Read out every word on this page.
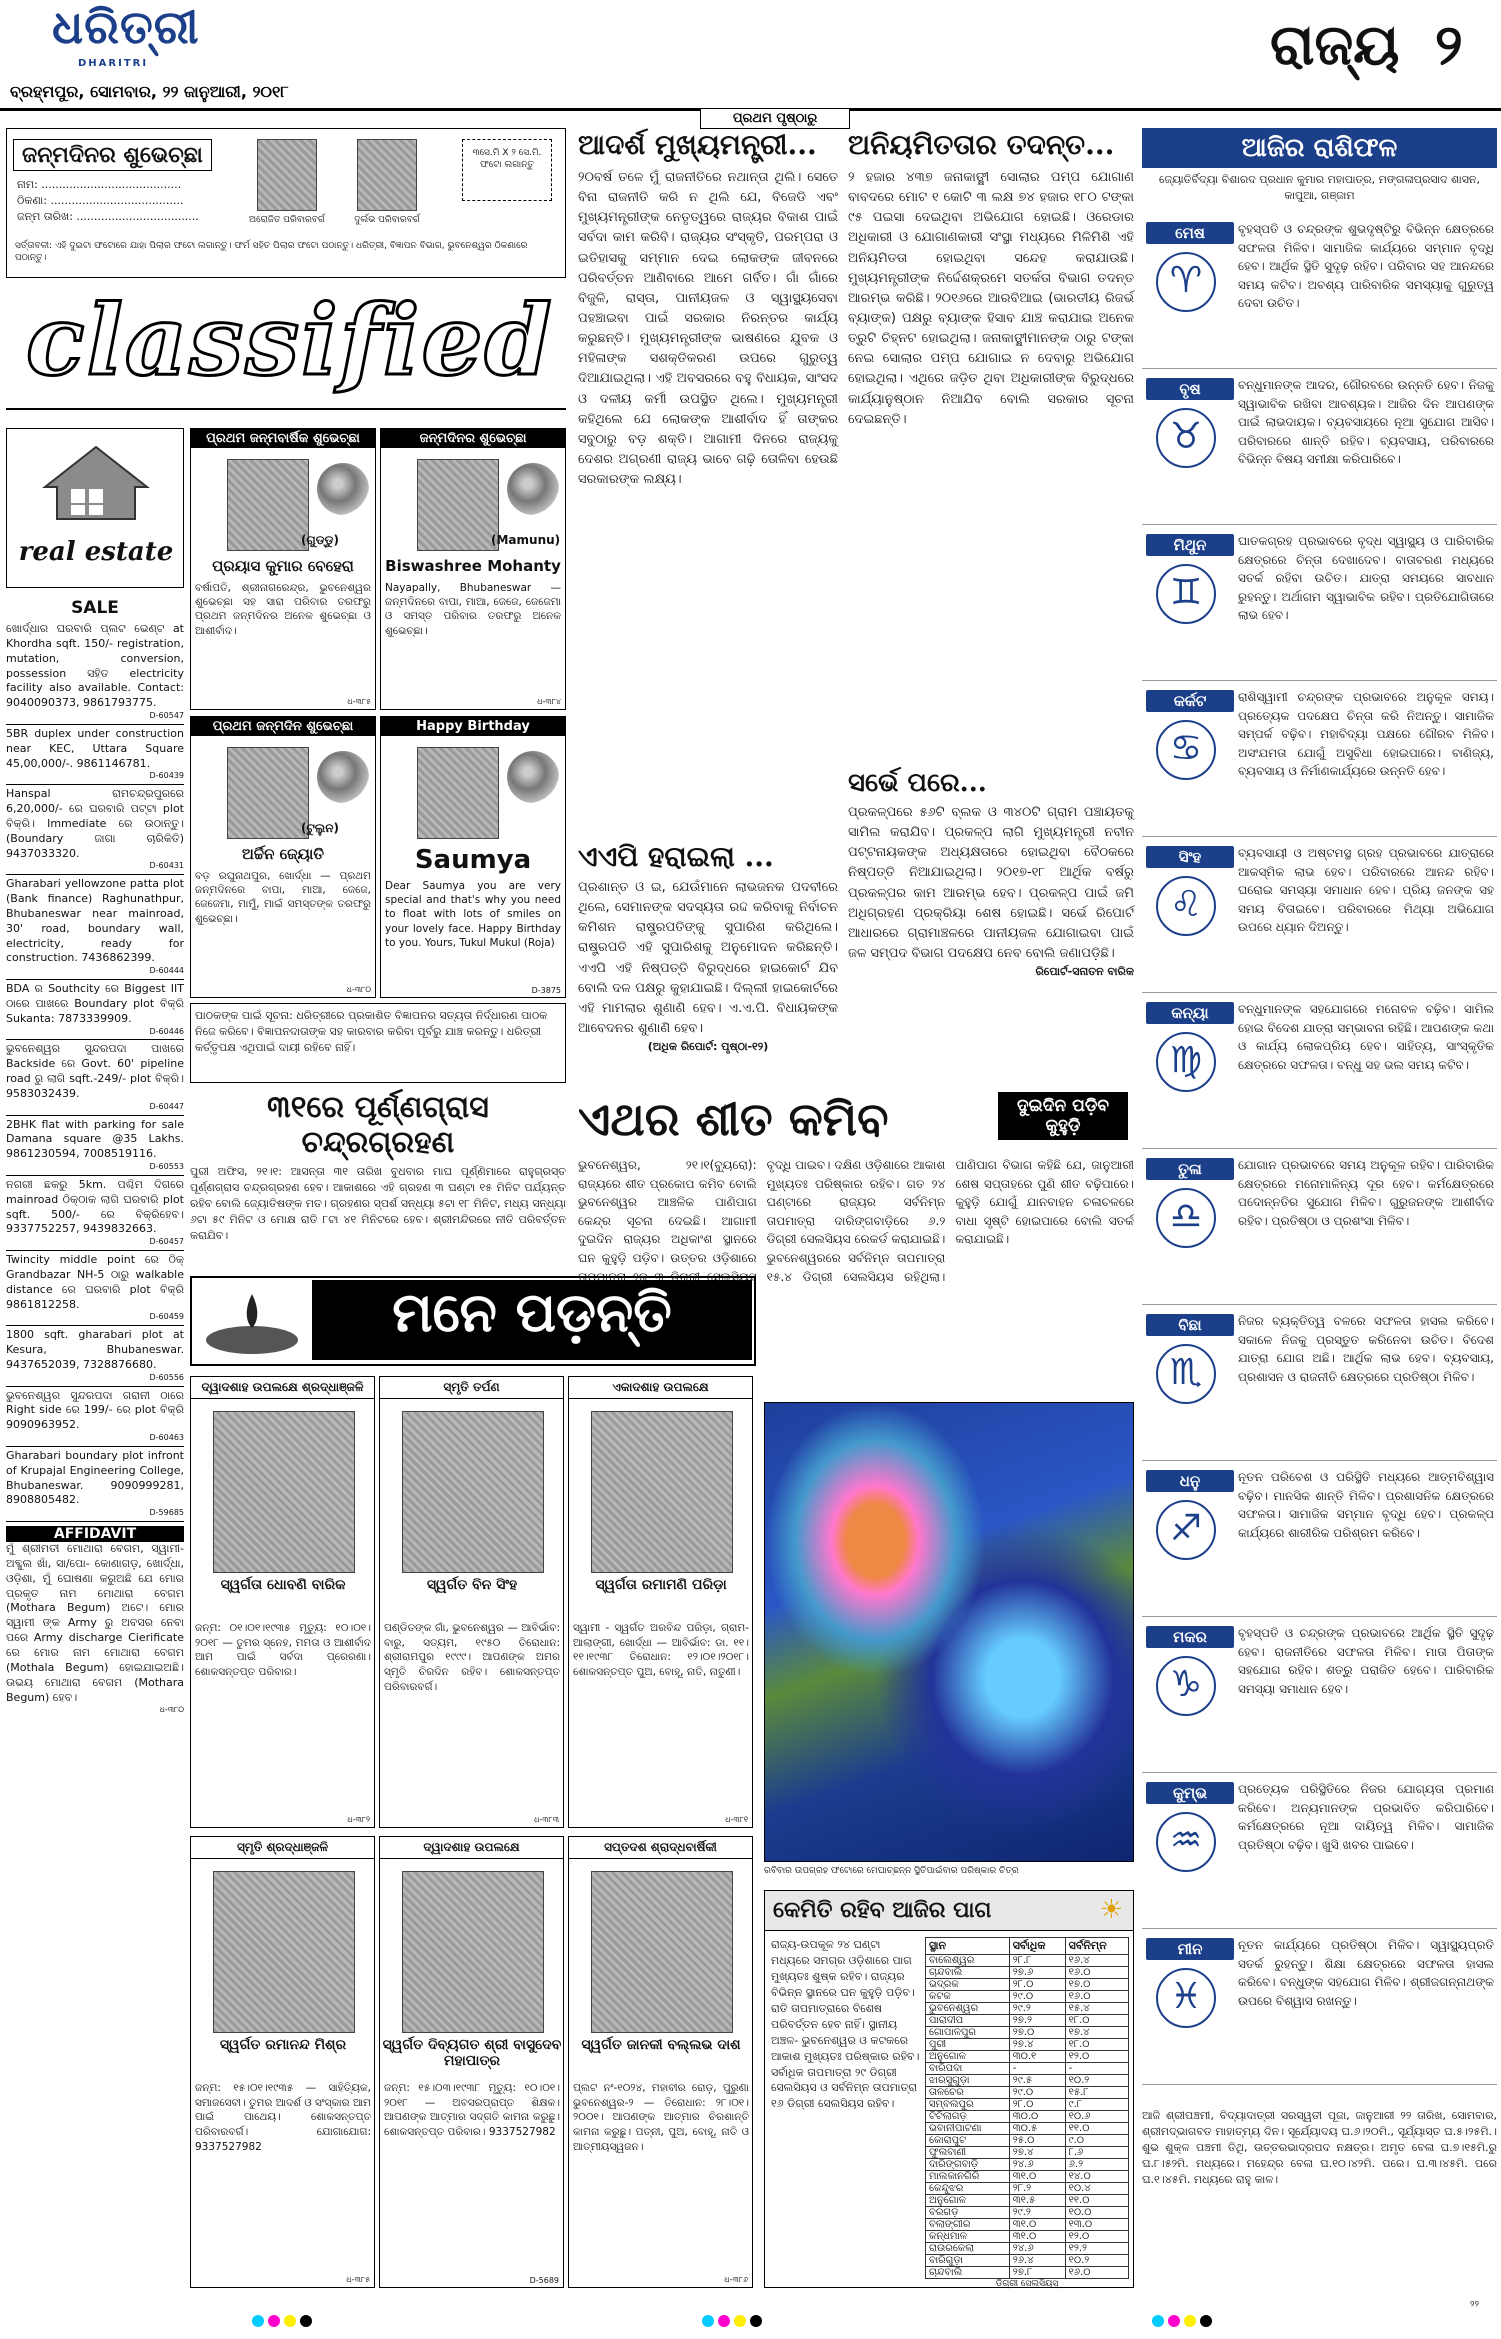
ଧରିତ୍ରୀ
DHARITRI
ବ୍ରହ୍ମପୁର, ସୋମବାର, ୨୨ ଜାନୁଆରୀ, ୨୦୧୮
ରାଜ୍ୟ ୨
ଜନ୍ମଦିନର ଶୁଭେଚ୍ଛା
ନାମ: ........................................
ଠିକଣା: ......................................
ଜନ୍ମ ତାରିଖ: ...................................	ଅରୋଜିତ ପରିବାରବର୍ଗ	ଦୁର୍ଲଭ ପରିବାରବର୍ଗ
୩ସେ.ମି X ୨ ସେ.ମି. ଫଟୋ ଲଗାନ୍ତୁ
ସର୍ତ୍ତାବଳୀ: ଏହି ଦୁଇଟା ଫଟୋରେ ଯାହା ପିଲାର ଫଟୋ ଲଗାନ୍ତୁ। ଫର୍ମ ସହିତ ପିଲାର ଫଟୋ ପଠାନ୍ତୁ। ଧରିତ୍ରୀ, ବିଜ୍ଞାପନ ବିଭାଗ, ଭୁବନେଶ୍ୱର ଠିକଣାରେ ପଠାନ୍ତୁ।
classified
real estate
SALE
ଖୋର୍ଦ୍ଧାର ଘରବାରି ପ୍ଲଟ ଭେଣ୍ଟ at Khordha sqft. 150/- registration, mutation, conversion, possession ସହିତ electricity facility also available. Contact: 9040090373, 9861793775.
D-60547
5BR duplex under construction near KEC, Uttara Square 45,00,000/-. 9861146781.
D-60439
Hanspal ରାମଚନ୍ଦ୍ରପୁରରେ 6,20,000/- ରେ ଘରବାରି ପଟ୍ଟା plot ବିକ୍ରି। Immediate ରେ ଉଠାନ୍ତୁ। (Boundary ଜାଗା ଚାରିକିତି) 9437033320.
D-60431
Gharabari yellowzone patta plot (Bank finance) Raghunathpur, Bhubaneswar near mainroad, 30' road, boundary wall, electricity, ready for construction. 7436862399.
D-60444
BDA ର Southcity ରେ Biggest IIT ଠାରେ ପାଖରେ Boundary plot ବିକ୍ରି Sukanta: 7873339909.
D-60446
ଭୁବନେଶ୍ୱର ସୁନ୍ଦରପଦା ପାଖରେ Backside ରେ Govt. 60' pipeline road ରୁ ଲାଗି sqft.-249/- plot ବିକ୍ରି। 9583032439.
D-60447
2BHK flat with parking for sale Damana square @35 Lakhs. 9861230594, 7008519116.
D-60553
ନଗରୀ ଛକରୁ 5km. ପଶ୍ଚିମ ଦିଗରେ mainroad ଠିକ୍ଠାକ ଲାଗି ଘରବାରି plot sqft. 500/- ରେ ବିକ୍ରିହେବ। 9337752257, 9439832663.
D-60457
Twincity middle point ରେ ଠିକ୍ Grandbazar NH-5 ଠାରୁ walkable distance ରେ ଘରବାରି plot ବିକ୍ରି 9861812258.
D-60459
1800 sqft. gharabari plot at Kesura, Bhubaneswar. 9437652039, 7328876680.
D-60556
ଭୁବନେଶ୍ୱର ସୁନ୍ଦରପଦା ଗରାନୀ ଠାରେ Right side ରେ 199/- ରେ plot ବିକ୍ରି 9090963952.
D-60463
Gharabari boundary plot infront of Krupajal Engineering College, Bhubaneswar. 9090999281, 8908805482.
D-59685
AFFIDAVIT
ମୁଁ ଶ୍ରୀମତୀ ମୋଥାରା ବେଗମ, ସ୍ୱାମୀ- ଅବ୍ଦୁଲ ଖାଁ, ସା/ପୋ- କୋଣାଗଡ଼, ଖୋର୍ଦ୍ଧା, ଓଡ଼ିଶା, ମୁଁ ଘୋଷଣା କରୁଅଛି ଯେ ମୋର ପ୍ରକୃତ ନାମ ମୋଥାରା ବେଗମ (Mothara Begum) ଅଟେ। ମୋର ସ୍ୱାମୀ ଙ୍କ Army ରୁ ଅବସର ନେବା ପରେ Army discharge Cierificate ରେ ମୋର ନାମ ମୋଥାରା ବେଗମ (Mothala Begum) ହୋଇଯାଇଅଛି। ଉଭୟ ମୋଥାରା ବେଗମ (Mothara Begum) ହେବ।
ଧ-୩୮୦
ପ୍ରଥମ ଜନ୍ମବାର୍ଷିକ ଶୁଭେଚ୍ଛା
(ଗୁଡ୍ଡୁ)
ପ୍ରୟାସ କୁମାର ବେହେରା
ବର୍ଷାପତି, ଶ୍ରୀନାଗରେନ୍ଦ୍ର, ଭୁବନେଶ୍ୱର ଶୁଭେଚ୍ଛା ସହ ସାରା ପରିବାର ତରଫରୁ ପ୍ରଥମ ଜନ୍ମଦିନର ଅନେକ ଶୁଭେଚ୍ଛା ଓ ଆଶୀର୍ବାଦ।
ଧ-୩୮୫
ଜନ୍ମଦିନର ଶୁଭେଚ୍ଛା
(Mamunu)
Biswashree Mohanty
Nayapally, Bhubaneswar — ଜନ୍ମଦିନରେ ବାପା, ମାଆ, ଜେଜେ, ଜେଜେମା ଓ ସମସ୍ତ ପରିବାର ତରଫରୁ ଅନେକ ଶୁଭେଚ୍ଛା।
ଧ-୩୮୪
ପ୍ରଥମ ଜନ୍ମଦିନ ଶୁଭେଚ୍ଛା
(ଟୁଲୁନ)
ଅର୍ଚ୍ଚିନ ଜ୍ୟୋତି
ବଡ଼ ରଘୁନାଥପୁର, ଖୋର୍ଦ୍ଧା — ପ୍ରଥମ ଜନ୍ମଦିନରେ ବାପା, ମାଆ, ଜେଜେ, ଜେଜେମା, ମାମୁଁ, ମାଇଁ ସମସ୍ତଙ୍କ ତରଫରୁ ଶୁଭେଚ୍ଛା।
ଧ-୩୮୦
Happy Birthday
Saumya
Dear Saumya you are very special and that's why you need to float with lots of smiles on your lovely face. Happy Birthday to you. Yours, Tukul Mukul (Roja)
D-3875
ପାଠକଙ୍କ ପାଇଁ ସୂଚନା: ଧରିତ୍ରୀରେ ପ୍ରକାଶିତ ବିଜ୍ଞାପନର ସତ୍ୟତା ନିର୍ଦ୍ଧାରଣ ପାଠକ ନିଜେ କରିବେ। ବିଜ୍ଞାପନଦାତାଙ୍କ ସହ କାରବାର କରିବା ପୂର୍ବରୁ ଯାଞ୍ଚ କରନ୍ତୁ। ଧରିତ୍ରୀ କର୍ତ୍ତୃପକ୍ଷ ଏଥିପାଇଁ ଦାୟୀ ରହିବେ ନାହିଁ।
୩୧ରେ ପୂର୍ଣ୍ଣଗ୍ରାସ ଚନ୍ଦ୍ରଗ୍ରହଣ
ପୁରୀ ଅଫିସ, ୨୧।୧: ଆସନ୍ତା ୩୧ ତାରିଖ ବୁଧବାର ମାଘ ପୂର୍ଣ୍ଣିମାରେ ରାହୁଗ୍ରସ୍ତ ପୂର୍ଣ୍ଣଗ୍ରାସ ଚନ୍ଦ୍ରଗ୍ରହଣ ହେବ। ଆକାଶରେ ଏହି ଗ୍ରହଣ ୩ ଘଣ୍ଟା ୧୫ ମିନିଟ ପର୍ଯ୍ୟନ୍ତ ରହିବ ବୋଲି ଜ୍ୟୋତିଷଙ୍କ ମତ। ଗ୍ରହଣର ସ୍ପର୍ଶ ସନ୍ଧ୍ୟା ୫ଟା ୧୮ ମିନିଟ, ମଧ୍ୟ ସନ୍ଧ୍ୟା ୬ଟା ୫୯ ମିନିଟ ଓ ମୋକ୍ଷ ରାତି ୮ଟା ୪୧ ମିନିଟରେ ହେବ। ଶ୍ରୀମନ୍ଦିରରେ ନୀତି ପରିବର୍ତ୍ତନ କରାଯିବ।
ମନେ ପଡ଼ନ୍ତି
ଦ୍ୱାଦଶାହ ଉପଲକ୍ଷେ ଶ୍ରଦ୍ଧାଞ୍ଜଳି
ସ୍ୱର୍ଗତା ଧୋବଣି ବାରିକ
ଜନ୍ମ: ୦୧।୦୧।୧୯୩୫ ମୃତ୍ୟୁ: ୧୦।୦୧।୨୦୧୮ — ତୁମର ସ୍ନେହ, ମମତା ଓ ଆଶୀର୍ବାଦ ଆମ ପାଇଁ ସର୍ବଦା ପ୍ରେରଣା। ଶୋକସନ୍ତପ୍ତ ପରିବାର।
ଧ-୩୮୨
ସ୍ମୃତି ତର୍ପଣ
ସ୍ୱର୍ଗତ ବିନ ସିଂହ
ପଣ୍ଡିତଙ୍କ ଗାଁ, ଭୁବନେଶ୍ୱର — ଆବିର୍ଭାବ: ବାରୁ, ସତ୍ୟମ, ୧୯୫୦ ତିରୋଧାନ: ଶ୍ରୀରାମପୁର ୧୯୯୯। ଆପଣଙ୍କ ଅମର ସ୍ମୃତି ଚିରଦିନ ରହିବ। ଶୋକସନ୍ତପ୍ତ ପରିବାରବର୍ଗ।
ଧ-୩୮୩
ଏକାଦଶାହ ଉପଲକ୍ଷେ
ସ୍ୱର୍ଗତା ରମାମଣି ପରିଡ଼ା
ସ୍ୱାମୀ - ସ୍ୱର୍ଗତ ଅରବିନ୍ଦ ପରିଡ଼ା, ଗ୍ରାମ- ଆଲାଙ୍ଗୀ, ଖୋର୍ଦ୍ଧା — ଆବିର୍ଭାବ: ଡା. ୧୧।୧୧।୧୯୩୮ ତିରୋଧାନ: ୧୨।୦୧।୨୦୧୮। ଶୋକସନ୍ତପ୍ତ ପୁଅ, ବୋହୂ, ନାତି, ନାତୁଣୀ।
ଧ-୩୮୧
ସ୍ମୃତି ଶ୍ରଦ୍ଧାଞ୍ଜଳି
ସ୍ୱର୍ଗତ ରମାନନ୍ଦ ମିଶ୍ର
ଜନ୍ମ: ୧୫।୦୧।୧୯୩୫ — ସାହିତ୍ୟିକ, ସମାଜସେବୀ। ତୁମର ଆଦର୍ଶ ଓ ସଂସ୍କାର ଆମ ପାଇଁ ପାଥେୟ। ଶୋକସନ୍ତପ୍ତ ପରିବାରବର୍ଗ। ଯୋଗାଯୋଗ: 9337527982
ଧ-୩୮୫
ଦ୍ୱାଦଶାହ ଉପଲକ୍ଷେ
ସ୍ୱର୍ଗତ ଦିବ୍ୟଗତ ଶ୍ରୀ ବାସୁଦେବ ମହାପାତ୍ର
ଜନ୍ମ: ୧୫।୦୩।୧୯୩୮ ମୃତ୍ୟୁ: ୧୦।୦୧।୨୦୧୮ — ଅବସରପ୍ରାପ୍ତ ଶିକ୍ଷକ। ଆପଣଙ୍କ ଆତ୍ମାର ସଦ୍ଗତି କାମନା କରୁଛୁ। ଶୋକସନ୍ତପ୍ତ ପରିବାର। 9337527982
D-5689
ସପ୍ତଦଶ ଶ୍ରାଦ୍ଧବାର୍ଷିକୀ
ସ୍ୱର୍ଗତ ଜାନକୀ ବଲ୍ଲଭ ଦାଶ
ପ୍ଲଟ ନଂ-୧୦୨୪, ମହାବୀର ରୋଡ଼, ପୁରୁଣା ଭୁବନେଶ୍ୱର-୨ — ତିରୋଧାନ: ୨୮।୦୧।୨୦୦୧। ଆପଣଙ୍କ ଆତ୍ମାର ଚିରଶାନ୍ତି କାମନା କରୁଛୁ। ପତ୍ନୀ, ପୁଅ, ବୋହୂ, ନାତି ଓ ଆତ୍ମୀୟସ୍ୱଜନ।
ଧ-୩୮୬
ପ୍ରଥମ ପୃଷ୍ଠାରୁ
ଆଦର୍ଶ ମୁଖ୍ୟମନ୍ତ୍ରୀ...
୨୦ବର୍ଷ ତଳେ ମୁଁ ରାଜନୀତିରେ ନଥାନ୍ତା ଥିଲି। ସେତେ ବିନା ରାଜନୀତି କରି ନ ଥିଲି ଯେ, ବିଜେଡି ଏବଂ ମୁଖ୍ୟମନ୍ତ୍ରୀଙ୍କ ନେତୃତ୍ୱରେ ରାଜ୍ୟର ବିକାଶ ପାଇଁ ସର୍ବଦା କାମ କରିବି। ରାଜ୍ୟର ସଂସ୍କୃତି, ପରମ୍ପରା ଓ ଇତିହାସକୁ ସମ୍ମାନ ଦେଇ ଲୋକଙ୍କ ଜୀବନରେ ପରିବର୍ତ୍ତନ ଆଣିବାରେ ଆମେ ଗର୍ବିତ। ଗାଁ ଗାଁରେ ବିଜୁଳି, ରାସ୍ତା, ପାନୀୟଜଳ ଓ ସ୍ୱାସ୍ଥ୍ୟସେବା ପହଞ୍ଚାଇବା ପାଇଁ ସରକାର ନିରନ୍ତର କାର୍ଯ୍ୟ କରୁଛନ୍ତି। ମୁଖ୍ୟମନ୍ତ୍ରୀଙ୍କ ଭାଷଣରେ ଯୁବକ ଓ ମହିଳାଙ୍କ ସଶକ୍ତିକରଣ ଉପରେ ଗୁରୁତ୍ୱ ଦିଆଯାଇଥିଲା। ଏହି ଅବସରରେ ବହୁ ବିଧାୟକ, ସାଂସଦ ଓ ଦଳୀୟ କର୍ମୀ ଉପସ୍ଥିତ ଥିଲେ। ମୁଖ୍ୟମନ୍ତ୍ରୀ କହିଥିଲେ ଯେ ଲୋକଙ୍କ ଆଶୀର୍ବାଦ ହିଁ ତାଙ୍କର ସବୁଠାରୁ ବଡ଼ ଶକ୍ତି। ଆଗାମୀ ଦିନରେ ରାଜ୍ୟକୁ ଦେଶର ଅଗ୍ରଣୀ ରାଜ୍ୟ ଭାବେ ଗଢ଼ି ତୋଳିବା ହେଉଛି ସରକାରଙ୍କ ଲକ୍ଷ୍ୟ।
ଏଏପି ହରାଇଲା ...
ପ୍ରଶାନ୍ତ ଓ ଇ, ଯେଉଁମାନେ ଲାଭଜନକ ପଦବୀରେ ଥିଲେ, ସେମାନଙ୍କ ସଦସ୍ୟତା ରଦ୍ଦ କରିବାକୁ ନିର୍ବାଚନ କମିଶନ ରାଷ୍ଟ୍ରପତିଙ୍କୁ ସୁପାରିଶ କରିଥିଲେ। ରାଷ୍ଟ୍ରପତି ଏହି ସୁପାରିଶକୁ ଅନୁମୋଦନ କରିଛନ୍ତି। ଏଏପି ଏହି ନିଷ୍ପତ୍ତି ବିରୁଦ୍ଧରେ ହାଇକୋର୍ଟ ଯିବ ବୋଲି ଦଳ ପକ୍ଷରୁ କୁହାଯାଇଛି। ଦିଲ୍ଲୀ ହାଇକୋର୍ଟରେ ଏହି ମାମଲାର ଶୁଣାଣି ହେବ। ଏ.ଏ.ପି. ବିଧାୟକଙ୍କ ଆବେଦନର ଶୁଣାଣି ହେବ।
(ଅଧିକ ରିପୋର୍ଟ: ପୃଷ୍ଠା-୧୨)
ଅନିୟମିତତାର ତଦନ୍ତ...
୨ ହଜାର ୪୩୭ ଜନାକାଙ୍କ୍ଷୀ ସୋଲାର ପମ୍ପ ଯୋଗାଣ ବାବଦରେ ମୋଟ ୧ କୋଟି ୩ ଲକ୍ଷ ୭୪ ହଜାର ୧୮୦ ଟଙ୍କା ୯୫ ପଇସା ଦେଇଥିବା ଅଭିଯୋଗ ହୋଇଛି। ଓରେଡାର ଅଧିକାରୀ ଓ ଯୋଗାଣକାରୀ ସଂସ୍ଥା ମଧ୍ୟରେ ମିଳିମିଶି ଏହି ଅନିୟମିତତା ହୋଇଥିବା ସନ୍ଦେହ କରାଯାଉଛି। ମୁଖ୍ୟମନ୍ତ୍ରୀଙ୍କ ନିର୍ଦ୍ଦେଶକ୍ରମେ ସତର୍କତା ବିଭାଗ ତଦନ୍ତ ଆରମ୍ଭ କରିଛି। ୨୦୧୬ରେ ଆରବିଆଇ (ଭାରତୀୟ ରିଜର୍ଭ ବ୍ୟାଙ୍କ) ପକ୍ଷରୁ ବ୍ୟାଙ୍କ ହିସାବ ଯାଞ୍ଚ କରାଯାଇ ଅନେକ ତ୍ରୁଟି ଚିହ୍ନଟ ହୋଇଥିଲା। ଜନାକାଙ୍କ୍ଷୀମାନଙ୍କ ଠାରୁ ଟଙ୍କା ନେଇ ସୋଲାର ପମ୍ପ ଯୋଗାଇ ନ ଦେବାରୁ ଅଭିଯୋଗ ହୋଇଥିଲା। ଏଥିରେ ଜଡ଼ିତ ଥିବା ଅଧିକାରୀଙ୍କ ବିରୁଦ୍ଧରେ କାର୍ଯ୍ୟାନୁଷ୍ଠାନ ନିଆଯିବ ବୋଲି ସରକାର ସୂଚନା ଦେଇଛନ୍ତି।
ସର୍ଭେ ପରେ...
ପ୍ରକଳ୍ପରେ ୫୬ଟି ବ୍ଲକ ଓ ୩୪୦ଟି ଗ୍ରାମ ପଞ୍ଚାୟତକୁ ସାମିଲ କରାଯିବ। ପ୍ରକଳ୍ପ ଲାଗି ମୁଖ୍ୟମନ୍ତ୍ରୀ ନବୀନ ପଟ୍ଟନାୟକଙ୍କ ଅଧ୍ୟକ୍ଷତାରେ ହୋଇଥିବା ବୈଠକରେ ନିଷ୍ପତ୍ତି ନିଆଯାଇଥିଲା। ୨୦୧୭-୧୮ ଆର୍ଥିକ ବର୍ଷରୁ ପ୍ରକଳ୍ପର କାମ ଆରମ୍ଭ ହେବ। ପ୍ରକଳ୍ପ ପାଇଁ ଜମି ଅଧିଗ୍ରହଣ ପ୍ରକ୍ରିୟା ଶେଷ ହୋଇଛି। ସର୍ଭେ ରିପୋର୍ଟ ଆଧାରରେ ଗ୍ରାମାଞ୍ଚଳରେ ପାନୀୟଜଳ ଯୋଗାଇବା ପାଇଁ ଜଳ ସମ୍ପଦ ବିଭାଗ ପଦକ୍ଷେପ ନେବ ବୋଲି ଜଣାପଡ଼ିଛି।
ରିପୋର୍ଟ-ସନାତନ ବାରିକ
ଏଥର ଶୀତ କମିବ	ଦୁଇଦିନ ପଡ଼ିବ କୁହୁଡ଼ି
ଭୁବନେଶ୍ୱର, ୨୧।୧(ବ୍ୟୁରୋ): ରାଜ୍ୟରେ ଶୀତ ପ୍ରକୋପ କମିବ ବୋଲି ଭୁବନେଶ୍ୱର ଆଞ୍ଚଳିକ ପାଣିପାଗ କେନ୍ଦ୍ର ସୂଚନା ଦେଇଛି। ଆଗାମୀ ଦୁଇଦିନ ରାଜ୍ୟର ଅଧିକାଂଶ ସ୍ଥାନରେ ଘନ କୁହୁଡ଼ି ପଡ଼ିବ। ଉତ୍ତର ଓଡ଼ିଶାରେ ତାପମାତ୍ରା ୨ରୁ ୩ ଡିଗ୍ରୀ ସେଲସିୟସ ବୃଦ୍ଧି ପାଇବ। ଦକ୍ଷିଣ ଓଡ଼ିଶାରେ ଆକାଶ ମୁଖ୍ୟତଃ ପରିଷ୍କାର ରହିବ। ଗତ ୨୪ ଘଣ୍ଟାରେ ରାଜ୍ୟର ସର୍ବନିମ୍ନ ତାପମାତ୍ରା ଦାରିଙ୍ଗବାଡ଼ିରେ ୬.୨ ଡିଗ୍ରୀ ସେଲସିୟସ ରେକର୍ଡ କରାଯାଇଛି। ଭୁବନେଶ୍ୱରରେ ସର୍ବନିମ୍ନ ତାପମାତ୍ରା ୧୫.୪ ଡିଗ୍ରୀ ସେଲସିୟସ ରହିଥିଲା। ପାଣିପାଗ ବିଭାଗ କହିଛି ଯେ, ଜାନୁଆରୀ ଶେଷ ସପ୍ତାହରେ ପୁଣି ଶୀତ ବଢ଼ିପାରେ। କୁହୁଡ଼ି ଯୋଗୁଁ ଯାନବାହନ ଚଳାଚଳରେ ବାଧା ସୃଷ୍ଟି ହୋଇପାରେ ବୋଲି ସତର୍କ କରାଯାଇଛି।
ରବିବାର ଉପଗ୍ରହ ଫଟୋରେ ମେଘାଚ୍ଛନ୍ନ ସ୍ଥିତିପାଇଁବାର ପରିଷ୍କାର ଚିତ୍ର
କେମିତି ରହିବ ଆଜିର ପାଗ	☀
ରାଜ୍ୟ-ଉପକୂଳ ୨୪ ଘଣ୍ଟା ମଧ୍ୟରେ ସମଗ୍ର ଓଡ଼ିଶାରେ ପାଗ ମୁଖ୍ୟତଃ ଶୁଷ୍କ ରହିବ। ରାଜ୍ୟର ବିଭିନ୍ନ ସ୍ଥାନରେ ଘନ କୁହୁଡ଼ି ପଡ଼ିବ। ରାତି ତାପମାତ୍ରାରେ ବିଶେଷ ପରିବର୍ତ୍ତନ ହେବ ନାହିଁ। ସ୍ଥାନୀୟ ଅଞ୍ଚଳ- ଭୁବନେଶ୍ୱର ଓ କଟକରେ ଆକାଶ ମୁଖ୍ୟତଃ ପରିଷ୍କାର ରହିବ। ସର୍ବାଧିକ ତାପମାତ୍ରା ୨୯ ଡିଗ୍ରୀ ସେଲସିୟସ ଓ ସର୍ବନିମ୍ନ ତାପମାତ୍ରା ୧୬ ଡିଗ୍ରୀ ସେଲସିୟସ ରହିବ।
ସ୍ଥାନ	ସର୍ବାଧିକ	ସର୍ବନିମ୍ନ
ବାଲେଶ୍ୱର	୨୮.୮	୧୬.୪
ଚାନ୍ଦବାଲି	୨୭.୬	୧୬.୦
ଭଦ୍ରକ	୨୮.୦	୧୭.୦
କଟକ	୨୯.୦	୧୬.୦
ଭୁବନେଶ୍ୱର	୨୯.୨	୧୫.୪
ପାରାଦୀପ	୨୭.୨	୧୮.୦
ଗୋପାଳପୁର	୨୭.୦	୧୭.୪
ପୁରୀ	୨୭.୪	୧୮.୦
ଅନୁଗୋଳ	୩୦.୧	୧୨.୦
ବାରିପଦା	-	-
ଝାରସୁଗୁଡ଼ା	୨୯.୫	୧୦.୨
ତାଳଚେର	୨୯.୦	୧୫.୮
ସମ୍ବଲପୁର	୨୮.୦	୯.୮
ଟିଟିଲାଗଡ଼	୩୦.୦	୧୦.୬
ଭବାନୀପାଟଣା	୩୦.୫	୧୧.୦
କୋରାପୁଟ	୨୫.୦	୯.୦
ଫୁଲବାଣୀ	୨୭.୪	୮.୬
ଦାରିଙ୍ଗବାଡ଼ି	୨୪.୬	୬.୨
ମାଲକାନଗିରି	୩୧.୦	୧୪.୦
କେନ୍ଦୁଝର	୨୮.୨	୧୦.୪
ଅନୁଗୋଳ	୩୧.୫	୧୧.୦
ବରଗଡ଼	୨୯.୨	୧୦.୦
ବଲାଙ୍ଗୀର	୩୧.୦	୧୩.୦
କନ୍ଧମାଳ	୩୧.୦	୧୨.୦
ରାଉରକେଲା	୨୪.୬	୧୨.୨
ବାରିଗୁଡ଼ା	୨୬.୪	୧୦.୨
ଚାନ୍ଦବାଲି	୨୭.୮	୧୬.୦
ଡିଗ୍ରୀ ସେଲସିୟସ୍
ଆଜିର ରାଶିଫଳ
ଜ୍ୟୋତିର୍ବିଦ୍ୟା ବିଶାରଦ ପ୍ରଧାନ କୁମାର ମହାପାତ୍ର, ମଙ୍ଗଳାପ୍ରସାଦ ଶାସନ, କାପୁଆ, ଗଞ୍ଜାମ
ମେଷ
♈
ବୃହସ୍ପତି ଓ ଚନ୍ଦ୍ରଙ୍କ ଶୁଭଦୃଷ୍ଟିରୁ ବିଭିନ୍ନ କ୍ଷେତ୍ରରେ ସଫଳତା ମିଳିବ। ସାମାଜିକ କାର୍ଯ୍ୟରେ ସମ୍ମାନ ବୃଦ୍ଧି ହେବ। ଆର୍ଥିକ ସ୍ଥିତି ସୁଦୃଢ଼ ରହିବ। ପରିବାର ସହ ଆନନ୍ଦରେ ସମୟ କଟିବ। ଅବଶ୍ୟ ପାରିବାରିକ ସମସ୍ୟାକୁ ଗୁରୁତ୍ୱ ଦେବା ଉଚିତ।
ବୃଷ
♉
ବନ୍ଧୁମାନଙ୍କ ଆଦର, ଗୌରବରେ ଉନ୍ନତି ହେବ। ନିଜକୁ ସ୍ୱାଭାବିକ ରଖିବା ଆବଶ୍ୟକ। ଆଜିର ଦିନ ଆପଣଙ୍କ ପାଇଁ ଲାଭଦାୟକ। ବ୍ୟବସାୟରେ ନୂଆ ସୁଯୋଗ ଆସିବ। ପରିବାରରେ ଶାନ୍ତି ରହିବ। ବ୍ୟବସାୟ, ପରିବାରରେ ବିଭିନ୍ନ ବିଷୟ ସମୀକ୍ଷା କରିପାରିବେ।
ମିଥୁନ
♊
ଘାତକଗ୍ରହ ପ୍ରଭାବରେ ବୃଦ୍ଧ ସ୍ୱାସ୍ଥ୍ୟ ଓ ପାରିବାରିକ କ୍ଷେତ୍ରରେ ଚିନ୍ତା ଦେଖାଦେବ। ବାତାବରଣ ମଧ୍ୟରେ ସତର୍କ ରହିବା ଉଚିତ। ଯାତ୍ରା ସମୟରେ ସାବଧାନ ରୁହନ୍ତୁ। ଅର୍ଥାଗମ ସ୍ୱାଭାବିକ ରହିବ। ପ୍ରତିଯୋଗିତାରେ ଲାଭ ହେବ।
କର୍କଟ
♋
ରାଶିସ୍ୱାମୀ ଚନ୍ଦ୍ରଙ୍କ ପ୍ରଭାବରେ ଅନୁକୂଳ ସମୟ। ପ୍ରତ୍ୟେକ ପଦକ୍ଷେପ ଚିନ୍ତା କରି ନିଅନ୍ତୁ। ସାମାଜିକ ସମ୍ପର୍କ ବଢ଼ିବ। ମହାବିଦ୍ୟା ପକ୍ଷରେ ଗୌରବ ମିଳିବ। ଅସଂଯମତା ଯୋଗୁଁ ଅସୁବିଧା ହୋଇପାରେ। ବାଣିଜ୍ୟ, ବ୍ୟବସାୟ ଓ ନିର୍ମାଣକାର୍ଯ୍ୟରେ ଉନ୍ନତି ହେବ।
ସିଂହ
♌
ବ୍ୟବସାୟୀ ଓ ଅଷ୍ଟମସ୍ଥ ଗ୍ରହ ପ୍ରଭାବରେ ଯାତ୍ରାରେ ଆକସ୍ମିକ ଲାଭ ହେବ। ପରିବାରରେ ଆନନ୍ଦ ରହିବ। ଘରୋଇ ସମସ୍ୟା ସମାଧାନ ହେବ। ପ୍ରିୟ ଜନଙ୍କ ସହ ସମୟ ବିତାଇବେ। ପରିବାରରେ ମିଥ୍ୟା ଅଭିଯୋଗ ଉପରେ ଧ୍ୟାନ ଦିଅନ୍ତୁ।
କନ୍ୟା
♍
ବନ୍ଧୁମାନଙ୍କ ସହଯୋଗରେ ମନୋବଳ ବଢ଼ିବ। ସାମିଲ ହୋଇ ବିଦେଶ ଯାତ୍ରା ସମ୍ଭାବନା ରହିଛି। ଆପଣଙ୍କ କଥା ଓ କାର୍ଯ୍ୟ ଲୋକପ୍ରିୟ ହେବ। ସାହିତ୍ୟ, ସାଂସ୍କୃତିକ କ୍ଷେତ୍ରରେ ସଫଳତା। ବନ୍ଧୁ ସହ ଭଲ ସମୟ କଟିବ।
ତୁଳା
♎
ଯୋଗାନ ପ୍ରଭାବରେ ସମୟ ଅନୁକୂଳ ରହିବ। ପାରିବାରିକ କ୍ଷେତ୍ରରେ ମନୋମାଳିନ୍ୟ ଦୂର ହେବ। କର୍ମକ୍ଷେତ୍ରରେ ପଦୋନ୍ନତିର ସୁଯୋଗ ମିଳିବ। ଗୁରୁଜନଙ୍କ ଆଶୀର୍ବାଦ ରହିବ। ପ୍ରତିଷ୍ଠା ଓ ପ୍ରଶଂସା ମିଳିବ।
ବିଛା
♏
ନିଜର ବ୍ୟକ୍ତିତ୍ୱ ବଳରେ ସଫଳତା ହାସଲ କରିବେ। ସକାଳେ ନିଜକୁ ପ୍ରସ୍ତୁତ କରିନେବା ଉଚିତ। ବିଦେଶ ଯାତ୍ରା ଯୋଗ ଅଛି। ଆର୍ଥିକ ଲାଭ ହେବ। ବ୍ୟବସାୟ, ପ୍ରଶାସନ ଓ ରାଜନୀତି କ୍ଷେତ୍ରରେ ପ୍ରତିଷ୍ଠା ମିଳିବ।
ଧନୁ
♐
ନୂତନ ପରିବେଶ ଓ ପରିସ୍ଥିତି ମଧ୍ୟରେ ଆତ୍ମବିଶ୍ୱାସ ବଢ଼ିବ। ମାନସିକ ଶାନ୍ତି ମିଳିବ। ପ୍ରଶାସନିକ କ୍ଷେତ୍ରରେ ସଫଳତା। ସାମାଜିକ ସମ୍ମାନ ବୃଦ୍ଧି ହେବ। ପ୍ରକଳ୍ପ କାର୍ଯ୍ୟରେ ଶାରୀରିକ ପରିଶ୍ରମ କରିବେ।
ମକର
♑
ବୃହସ୍ପତି ଓ ଚନ୍ଦ୍ରଙ୍କ ପ୍ରଭାବରେ ଆର୍ଥିକ ସ୍ଥିତି ସୁଦୃଢ଼ ହେବ। ରାଜନୀତିରେ ସଫଳତା ମିଳିବ। ମାତା ପିତାଙ୍କ ସହଯୋଗ ରହିବ। ଶତ୍ରୁ ପରାଜିତ ହେବେ। ପାରିବାରିକ ସମସ୍ୟା ସମାଧାନ ହେବ।
କୁମ୍ଭ
♒
ପ୍ରତ୍ୟେକ ପରିସ୍ଥିତିରେ ନିଜର ଯୋଗ୍ୟତା ପ୍ରମାଣ କରିବେ। ଅନ୍ୟମାନଙ୍କ ପ୍ରଭାବିତ କରିପାରିବେ। କର୍ମକ୍ଷେତ୍ରରେ ନୂଆ ଦାୟିତ୍ୱ ମିଳିବ। ସାମାଜିକ ପ୍ରତିଷ୍ଠା ବଢ଼ିବ। ଖୁସି ଖବର ପାଇବେ।
ମୀନ
♓
ନୂତନ କାର୍ଯ୍ୟରେ ପ୍ରତିଷ୍ଠା ମିଳିବ। ସ୍ୱାସ୍ଥ୍ୟପ୍ରତି ସତର୍କ ରୁହନ୍ତୁ। ଶିକ୍ଷା କ୍ଷେତ୍ରରେ ସଫଳତା ହାସଲ କରିବେ। ବନ୍ଧୁଙ୍କ ସହଯୋଗ ମିଳିବ। ଶ୍ରୀଜଗନ୍ନାଥଙ୍କ ଉପରେ ବିଶ୍ୱାସ ରଖନ୍ତୁ।
ଆଜି ଶ୍ରୀପଞ୍ଚମୀ, ବିଦ୍ୟାଦାତ୍ରୀ ସରସ୍ୱତୀ ପୂଜା, ଜାନୁଆରୀ ୨୨ ତାରିଖ, ସୋମବାର, ଶ୍ରୀମଦ୍‌ଭାଗବତ ମାହାତ୍ମ୍ୟ ଦିନ। ସୂର୍ଯ୍ୟୋଦୟ ଘ.୬।୨୦ମି., ସୂର୍ଯ୍ୟାସ୍ତ ଘ.୫।୨୫ମି.। ଶୁଭ ଶୁକ୍ଳ ପଞ୍ଚମୀ ତିଥି, ଉତ୍ତରଭାଦ୍ରପଦ ନକ୍ଷତ୍ର। ଅମୃତ ବେଳା ଘ.୭।୧୫ମି.ରୁ ଘ.୮।୫୨ମି. ମଧ୍ୟରେ। ମହେନ୍ଦ୍ର ବେଳା ଘ.୧୦।୪୨ମି. ପରେ। ଘ.୩।୪୫ମି. ପରେ ଘ.୧।୪୫ମି. ମଧ୍ୟରେ ରାହୁ କାଳ।
୨୨
